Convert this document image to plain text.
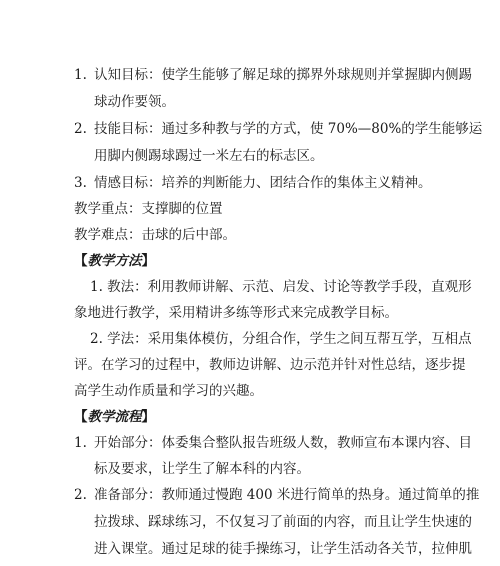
1. 认知目标：使学生能够了解足球的掷界外球规则并掌握脚内侧踢
球动作要领。
2. 技能目标：通过多种教与学的方式，使 70%—80%的学生能够运
用脚内侧踢球踢过一米左右的标志区。
3. 情感目标：培养的判断能力、团结合作的集体主义精神。
教学重点：支撑脚的位置
教学难点：击球的后中部。
【教学方法】
1. 教法：利用教师讲解、示范、启发、讨论等教学手段，直观形
象地进行教学，采用精讲多练等形式来完成教学目标。
2. 学法：采用集体模仿，分组合作，学生之间互帮互学，互相点
评。在学习的过程中，教师边讲解、边示范并针对性总结，逐步提
高学生动作质量和学习的兴趣。
【教学流程】
1. 开始部分：体委集合整队报告班级人数，教师宣布本课内容、目
标及要求，让学生了解本科的内容。
2. 准备部分：教师通过慢跑 400 米进行简单的热身。通过简单的推
拉拨球、踩球练习，不仅复习了前面的内容，而且让学生快速的
进入课堂。通过足球的徒手操练习，让学生活动各关节，拉伸肌
